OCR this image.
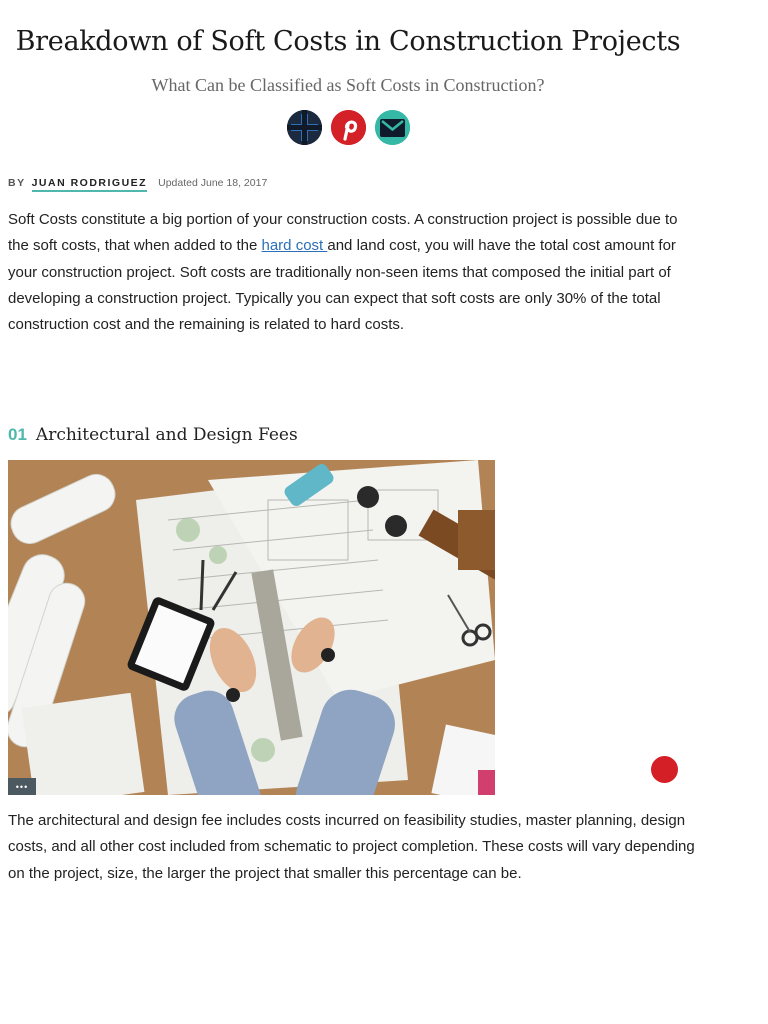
Breakdown of Soft Costs in Construction Projects
What Can be Classified as Soft Costs in Construction?
BY JUAN RODRIGUEZ Updated June 18, 2017

Soft Costs constitute a big portion of your construction costs. A construction project is possible due to the soft costs, that when added to the hard cost and land cost, you will have the total cost amount for your construction project. Soft costs are traditionally non-seen items that composed the initial part of developing a construction project. Typically you can expect that soft costs are only 30% of the total construction cost and the remaining is related to hard costs.

01 Architectural and Design Fees
•••

The architectural and design fee includes costs incurred on feasibility studies, master planning, design costs, and all other cost included from schematic to project completion. These costs will vary depending on the project, size, the larger the project that smaller this percentage can be.
